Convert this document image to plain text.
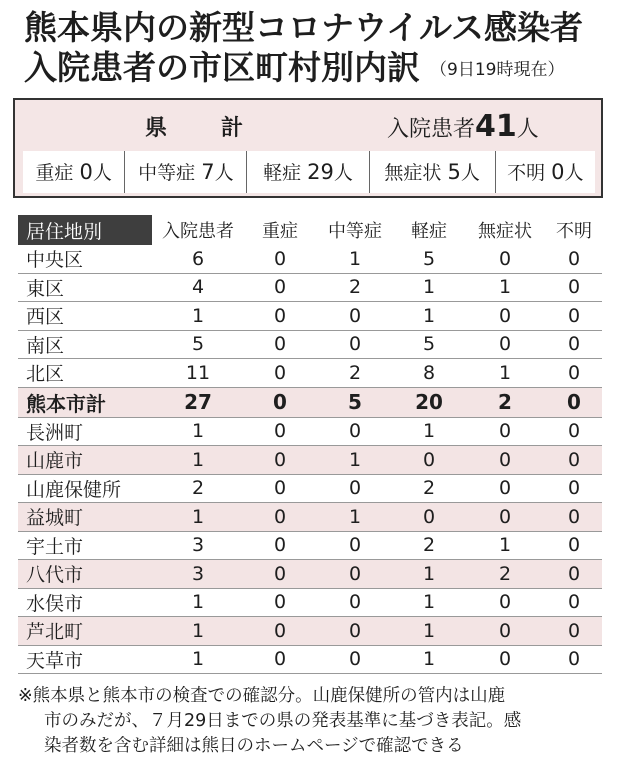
熊本県内の新型コロナウイルス感染者
入院患者の市区町村別内訳 （9日19時現在）
県　計	入院患者41人
重症 0人	中等症 7人	軽症 29人	無症状 5人	不明 0人
居住地別	入院患者	重症	中等症	軽症	無症状	不明
中央区	6	0	1	5	0	0
東区	4	0	2	1	1	0
西区	1	0	0	1	0	0
南区	5	0	0	5	0	0
北区	11	0	2	8	1	0
熊本市計	27	0	5	20	2	0
長洲町	1	0	0	1	0	0
山鹿市	1	0	1	0	0	0
山鹿保健所	2	0	0	2	0	0
益城町	1	0	1	0	0	0
宇土市	3	0	0	2	1	0
八代市	3	0	0	1	2	0
水俣市	1	0	0	1	0	0
芦北町	1	0	0	1	0	0
天草市	1	0	0	1	0	0
※熊本県と熊本市の検査での確認分。山鹿保健所の管内は山鹿
市のみだが、７月29日までの県の発表基準に基づき表記。感
染者数を含む詳細は熊日のホームページで確認できる
